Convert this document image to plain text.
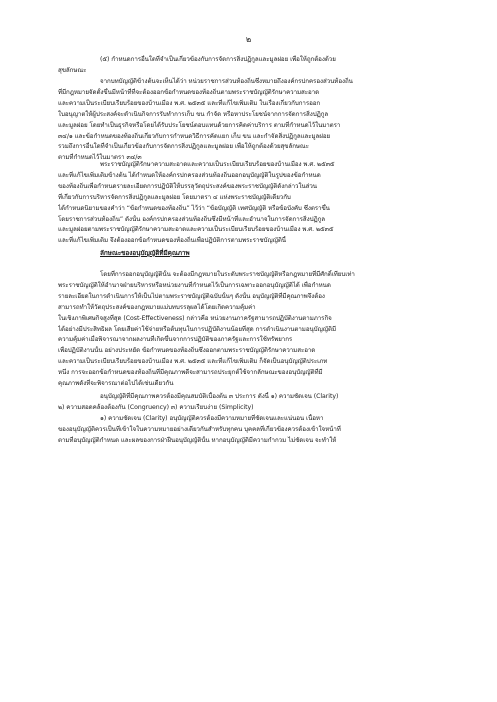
๒
(๕) กำหนดการอื่นใดที่จำเป็นเกี่ยวข้องกับการจัดการสิ่งปฏิกูลและมูลฝอย เพื่อให้ถูกต้องด้วย
สุขลักษณะ
จากบทบัญญัติข้างต้นจะเห็นได้ว่า หน่วยราชการส่วนท้องถิ่นซึ่งหมายถึงองค์กรปกครองส่วนท้องถิ่น
ที่มีกฎหมายจัดตั้งขึ้นมีหน้าที่ที่จะต้องออกข้อกำหนดของท้องถิ่นตามพระราชบัญญัติรักษาความสะอาด
และความเป็นระเบียบเรียบร้อยของบ้านเมือง พ.ศ. ๒๕๓๕ และที่แก้ไขเพิ่มเติม ในเรื่องเกี่ยวกับการออก
ใบอนุญาตให้ผู้ประสงค์จะดำเนินกิจการรับทำการเก็บ ขน กำจัด หรือหาประโยชน์จากการจัดการสิ่งปฏิกูล
และมูลฝอย โดยทำเป็นธุรกิจหรือโดยได้รับประโยชน์ตอบแทนด้วยการคิดค่าบริการ ตามที่กำหนดไว้ในมาตรา
๓๔/๑ และข้อกำหนดของท้องถิ่นเกี่ยวกับการกำหนดวิธีการคัดแยก เก็บ ขน และกำจัดสิ่งปฏิกูลและมูลฝอย
รวมถึงการอื่นใดที่จำเป็นเกี่ยวข้องกับการจัดการสิ่งปฏิกูลและมูลฝอย เพื่อให้ถูกต้องด้วยสุขลักษณะ
ตามที่กำหนดไว้ในมาตรา ๓๔/๓
พระราชบัญญัติรักษาความสะอาดและความเป็นระเบียบเรียบร้อยของบ้านเมือง พ.ศ. ๒๕๓๕
และที่แก้ไขเพิ่มเติมข้างต้น ได้กำหนดให้องค์กรปกครองส่วนท้องถิ่นออกอนุบัญญัติในรูปของข้อกำหนด
ของท้องถิ่นเพื่อกำหนดรายละเอียดการปฏิบัติให้บรรลุวัตถุประสงค์ของพระราชบัญญัติดังกล่าวในส่วน
ที่เกี่ยวกับการบริหารจัดการสิ่งปฏิกูลและมูลฝอย โดยมาตรา ๔ แห่งพระราชบัญญัติเดียวกับ
ได้กำหนดนิยามของคำว่า “ข้อกำหนดของท้องถิ่น” ไว้ว่า “ข้อบัญญัติ เทศบัญญัติ หรือข้อบังคับ ซึ่งตราขึ้น
โดยราชการส่วนท้องถิ่น” ดังนั้น องค์กรปกครองส่วนท้องถิ่นซึ่งมีหน้าที่และอำนาจในการจัดการสิ่งปฏิกูล
และมูลฝอยตามพระราชบัญญัติรักษาความสะอาดและความเป็นระเบียบเรียบร้อยของบ้านเมือง พ.ศ. ๒๕๓๕
และที่แก้ไขเพิ่มเติม จึงต้องออกข้อกำหนดของท้องถิ่นเพื่อปฏิบัติการตามพระราชบัญญัตินี้
ลักษณะของอนุบัญญัติที่มีคุณภาพ
โดยที่การออกอนุบัญญัตินั้น จะต้องมีกฎหมายในระดับพระราชบัญญัติหรือกฎหมายที่มีศักดิ์เทียบเท่า
พระราชบัญญัติให้อำนาจฝ่ายบริหารหรือหน่วยงานที่กำหนดไว้เป็นการเฉพาะออกอนุบัญญัติได้ เพื่อกำหนด
รายละเอียดในการดำเนินการให้เป็นไปตามพระราชบัญญัติฉบับนั้นๆ ดังนั้น อนุบัญญัติที่มีคุณภาพจึงต้อง
สามารถทำให้วัตถุประสงค์ของกฎหมายแม่บทบรรลุผลได้โดยเกิดความคุ้มค่า
ในเชิงภาพิเศษกิจสูงที่สุด (Cost-Effectiveness) กล่าวคือ หน่วยงานภาครัฐสามารถปฏิบัติงานตามภารกิจ
ได้อย่างมีประสิทธิผล โดยเสียค่าใช้จ่ายหรือต้นทุนในการปฏิบัติงานน้อยที่สุด การดำเนินงานตามอนุบัญญัติมี
ความคุ้มค่าเมื่อพิจารณาจากผลงานที่เกิดขึ้นจากการปฏิบัติของภาครัฐและการใช้ทรัพยากร
เพื่อปฏิบัติงานนั้น อย่างประหยัด ข้อกำหนดของท้องถิ่นซึ่งออกตามพระราชบัญญัติรักษาความสะอาด
และความเป็นระเบียบเรียบร้อยของบ้านเมือง พ.ศ. ๒๕๓๕ และที่แก้ไขเพิ่มเติม ก็จัดเป็นอนุบัญญัติประเภท
หนึ่ง การจะออกข้อกำหนดของท้องถิ่นที่มีคุณภาพดีจะสามารถประยุกต์ใช้จากลักษณะของอนุบัญญัติที่มี
คุณภาพดังที่จะพิจารณาต่อไปได้เช่นเดียวกัน
อนุบัญญัติที่มีคุณภาพควรต้องมีคุณสมบัติเบื้องต้น ๓ ประการ ดังนี้ ๑) ความชัดเจน (Clarity)
๒) ความสอดคล้องต้องกัน (Congruency) ๓) ความเรียบง่าย (Simplicity)
๑) ความชัดเจน (Clarity) อนุบัญญัติควรต้องมีความหมายที่ชัดเจนและแน่นอน เนื้อหา
ของอนุบัญญัติควรเป็นที่เข้าใจในความหมายอย่างเดียวกันสำหรับทุกคน บุคคลที่เกี่ยวข้องควรต้องเข้าใจหน้าที่
ตามที่อนุบัญญัติกำหนด และผลของการฝ่าฝืนอนุบัญญัตินั้น หากอนุบัญญัติมีความกำกวม ไม่ชัดเจน จะทำให้
